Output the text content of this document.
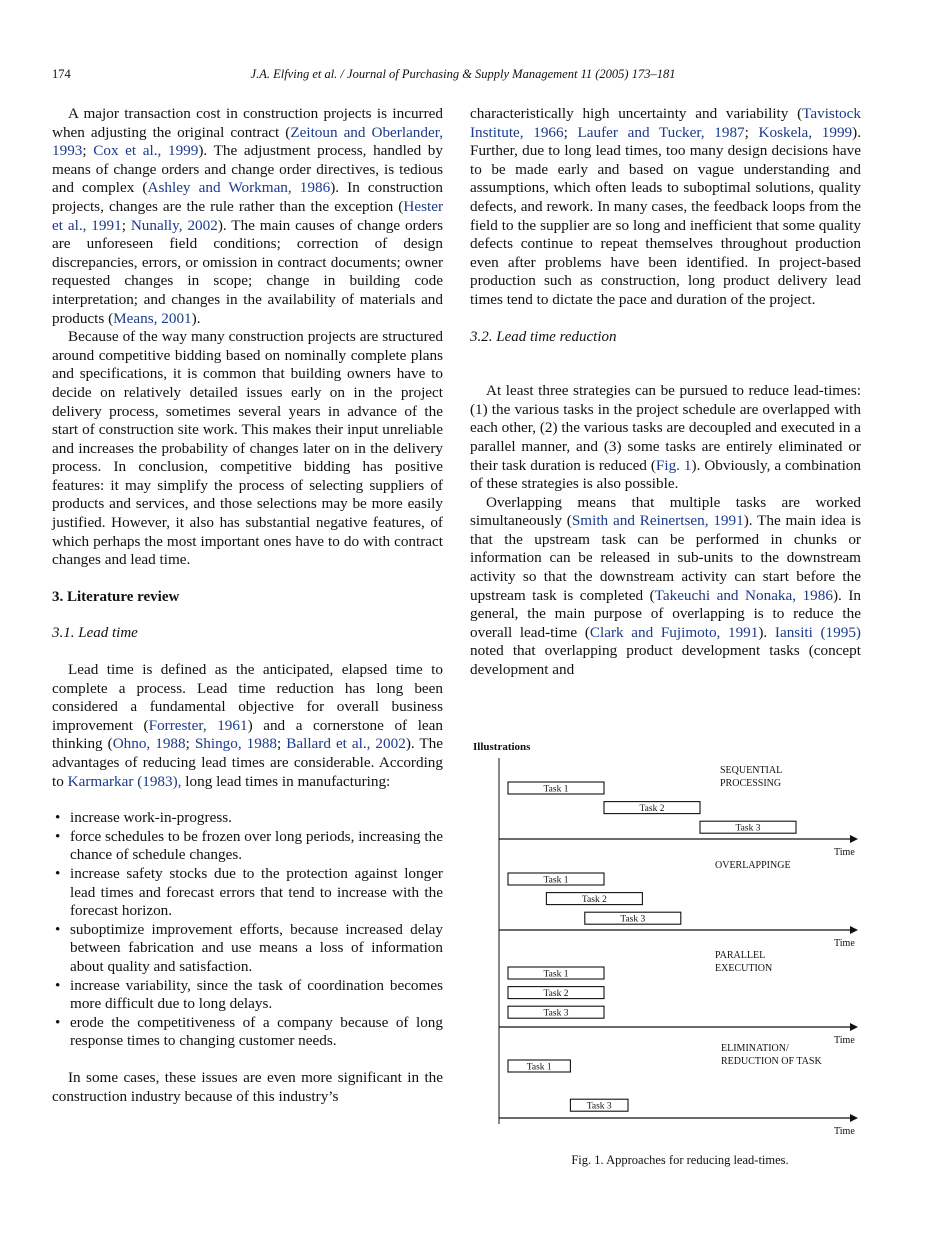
174	J.A. Elfving et al. / Journal of Purchasing & Supply Management 11 (2005) 173–181

A major transaction cost in construction projects is incurred when adjusting the original contract (Zeitoun and Oberlander, 1993; Cox et al., 1999). The adjustment process, handled by means of change orders and change order directives, is tedious and complex (Ashley and Workman, 1986). In construction projects, changes are the rule rather than the exception (Hester et al., 1991; Nunally, 2002). The main causes of change orders are unforeseen field conditions; correction of design discrepancies, errors, or omission in contract documents; owner requested changes in scope; change in building code interpretation; and changes in the availability of materials and products (Means, 2001).

Because of the way many construction projects are structured around competitive bidding based on nominally complete plans and specifications, it is common that building owners have to decide on relatively detailed issues early on in the project delivery process, sometimes several years in advance of the start of construction site work. This makes their input unreliable and increases the probability of changes later on in the delivery process. In conclusion, competitive bidding has positive features: it may simplify the process of selecting suppliers of products and services, and those selections may be more easily justified. However, it also has substantial negative features, of which perhaps the most important ones have to do with contract changes and lead time.

3. Literature review
3.1. Lead time

Lead time is defined as the anticipated, elapsed time to complete a process. Lead time reduction has long been considered a fundamental objective for overall business improvement (Forrester, 1961) and a cornerstone of lean thinking (Ohno, 1988; Shingo, 1988; Ballard et al., 2002). The advantages of reducing lead times are considerable. According to Karmarkar (1983), long lead times in manufacturing:

• increase work-in-progress.
• force schedules to be frozen over long periods, increasing the chance of schedule changes.
• increase safety stocks due to the protection against longer lead times and forecast errors that tend to increase with the forecast horizon.
• suboptimize improvement efforts, because increased delay between fabrication and use means a loss of information about quality and satisfaction.
• increase variability, since the task of coordination becomes more difficult due to long delays.
• erode the competitiveness of a company because of long response times to changing customer needs.

In some cases, these issues are even more significant in the construction industry because of this industry’s

characteristically high uncertainty and variability (Tavistock Institute, 1966; Laufer and Tucker, 1987; Koskela, 1999). Further, due to long lead times, too many design decisions have to be made early and based on vague understanding and assumptions, which often leads to suboptimal solutions, quality defects, and rework. In many cases, the feedback loops from the field to the supplier are so long and inefficient that some quality defects continue to repeat themselves throughout production even after problems have been identified. In project-based production such as construction, long product delivery lead times tend to dictate the pace and duration of the project.

3.2. Lead time reduction

At least three strategies can be pursued to reduce lead-times: (1) the various tasks in the project schedule are overlapped with each other, (2) the various tasks are decoupled and executed in a parallel manner, and (3) some tasks are entirely eliminated or their task duration is reduced (Fig. 1). Obviously, a combination of these strategies is also possible.

Overlapping means that multiple tasks are worked simultaneously (Smith and Reinertsen, 1991). The main idea is that the upstream task can be performed in chunks or information can be released in sub-units to the downstream activity so that the downstream activity can start before the upstream task is completed (Takeuchi and Nonaka, 1986). In general, the main purpose of overlapping is to reduce the overall lead-time (Clark and Fujimoto, 1991). Iansiti (1995) noted that overlapping product development tasks (concept development and

Illustrations
Task 1
Task 2
Task 3
SEQUENTIAL
PROCESSING
Time
Task 1
Task 2
Task 3
OVERLAPPINGE
Time
Task 1
Task 2
Task 3
PARALLEL
EXECUTION
Time
Task 1
Task 3
ELIMINATION/
REDUCTION OF TASK
Time
Fig. 1. Approaches for reducing lead-times.
